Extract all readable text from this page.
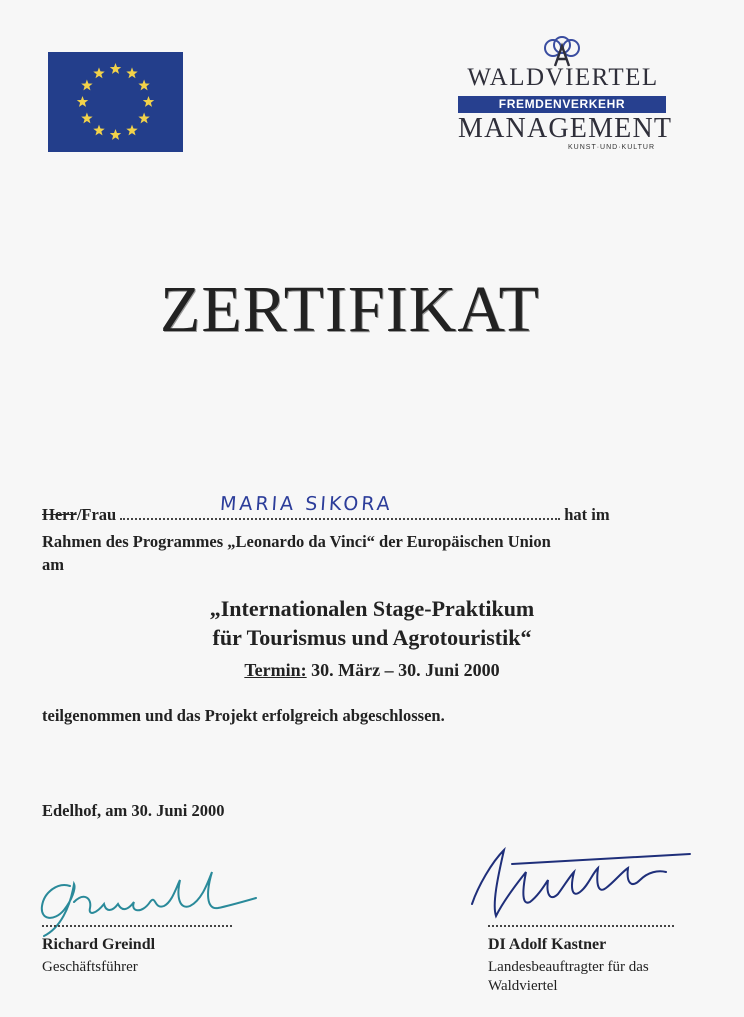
WALDVIERTEL
FREMDENVERKEHR
MANAGEMENT
KUNST·UND·KULTUR
ZERTIFIKAT
Herr/Frau	hat im
MARIA SIKORA
Rahmen des Programmes „Leonardo da Vinci“ der Europäischen Union
am
„Internationalen Stage-Praktikum
für Tourismus und Agrotouristik“
Termin: 30. März – 30. Juni 2000
teilgenommen und das Projekt erfolgreich abgeschlossen.
Edelhof, am 30. Juni 2000
Richard Greindl
Geschäftsführer
DI Adolf Kastner
Landesbeauftragter für das
Waldviertel
